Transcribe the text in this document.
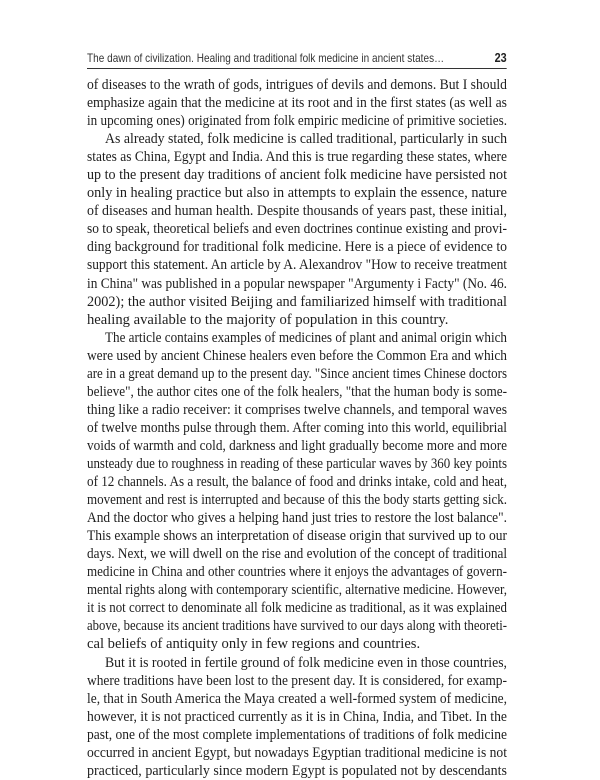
The dawn of civilization. Healing and traditional folk medicine in ancient states…	23
of diseases to the wrath of gods, intrigues of devils and demons. But I should
emphasize again that the medicine at its root and in the first states (as well as
in upcoming ones) originated from folk empiric medicine of primitive societies.
As already stated, folk medicine is called traditional, particularly in such
states as China, Egypt and India. And this is true regarding these states, where
up to the present day traditions of ancient folk medicine have persisted not
only in healing practice but also in attempts to explain the essence, nature
of diseases and human health. Despite thousands of years past, these initial,
so to speak, theoretical beliefs and even doctrines continue existing and provi-
ding background for traditional folk medicine. Here is a piece of evidence to
support this statement. An article by A. Alexandrov "How to receive treatment
in China" was published in a popular newspaper "Argumenty i Facty" (No. 46.
2002); the author visited Beijing and familiarized himself with traditional
healing available to the majority of population in this country.
The article contains examples of medicines of plant and animal origin which
were used by ancient Chinese healers even before the Common Era and which
are in a great demand up to the present day. "Since ancient times Chinese doctors
believe", the author cites one of the folk healers, "that the human body is some-
thing like a radio receiver: it comprises twelve channels, and temporal waves
of twelve months pulse through them. After coming into this world, equilibrial
voids of warmth and cold, darkness and light gradually become more and more
unsteady due to roughness in reading of these particular waves by 360 key points
of 12 channels. As a result, the balance of food and drinks intake, cold and heat,
movement and rest is interrupted and because of this the body starts getting sick.
And the doctor who gives a helping hand just tries to restore the lost balance".
This example shows an interpretation of disease origin that survived up to our
days. Next, we will dwell on the rise and evolution of the concept of traditional
medicine in China and other countries where it enjoys the advantages of govern-
mental rights along with contemporary scientific, alternative medicine. However,
it is not correct to denominate all folk medicine as traditional, as it was explained
above, because its ancient traditions have survived to our days along with theoreti-
cal beliefs of antiquity only in few regions and countries.
But it is rooted in fertile ground of folk medicine even in those countries,
where traditions have been lost to the present day. It is considered, for examp-
le, that in South America the Maya created a well-formed system of medicine,
however, it is not practiced currently as it is in China, India, and Tibet. In the
past, one of the most complete implementations of traditions of folk medicine
occurred in ancient Egypt, but nowadays Egyptian traditional medicine is not
practiced, particularly since modern Egypt is populated not by descendants
